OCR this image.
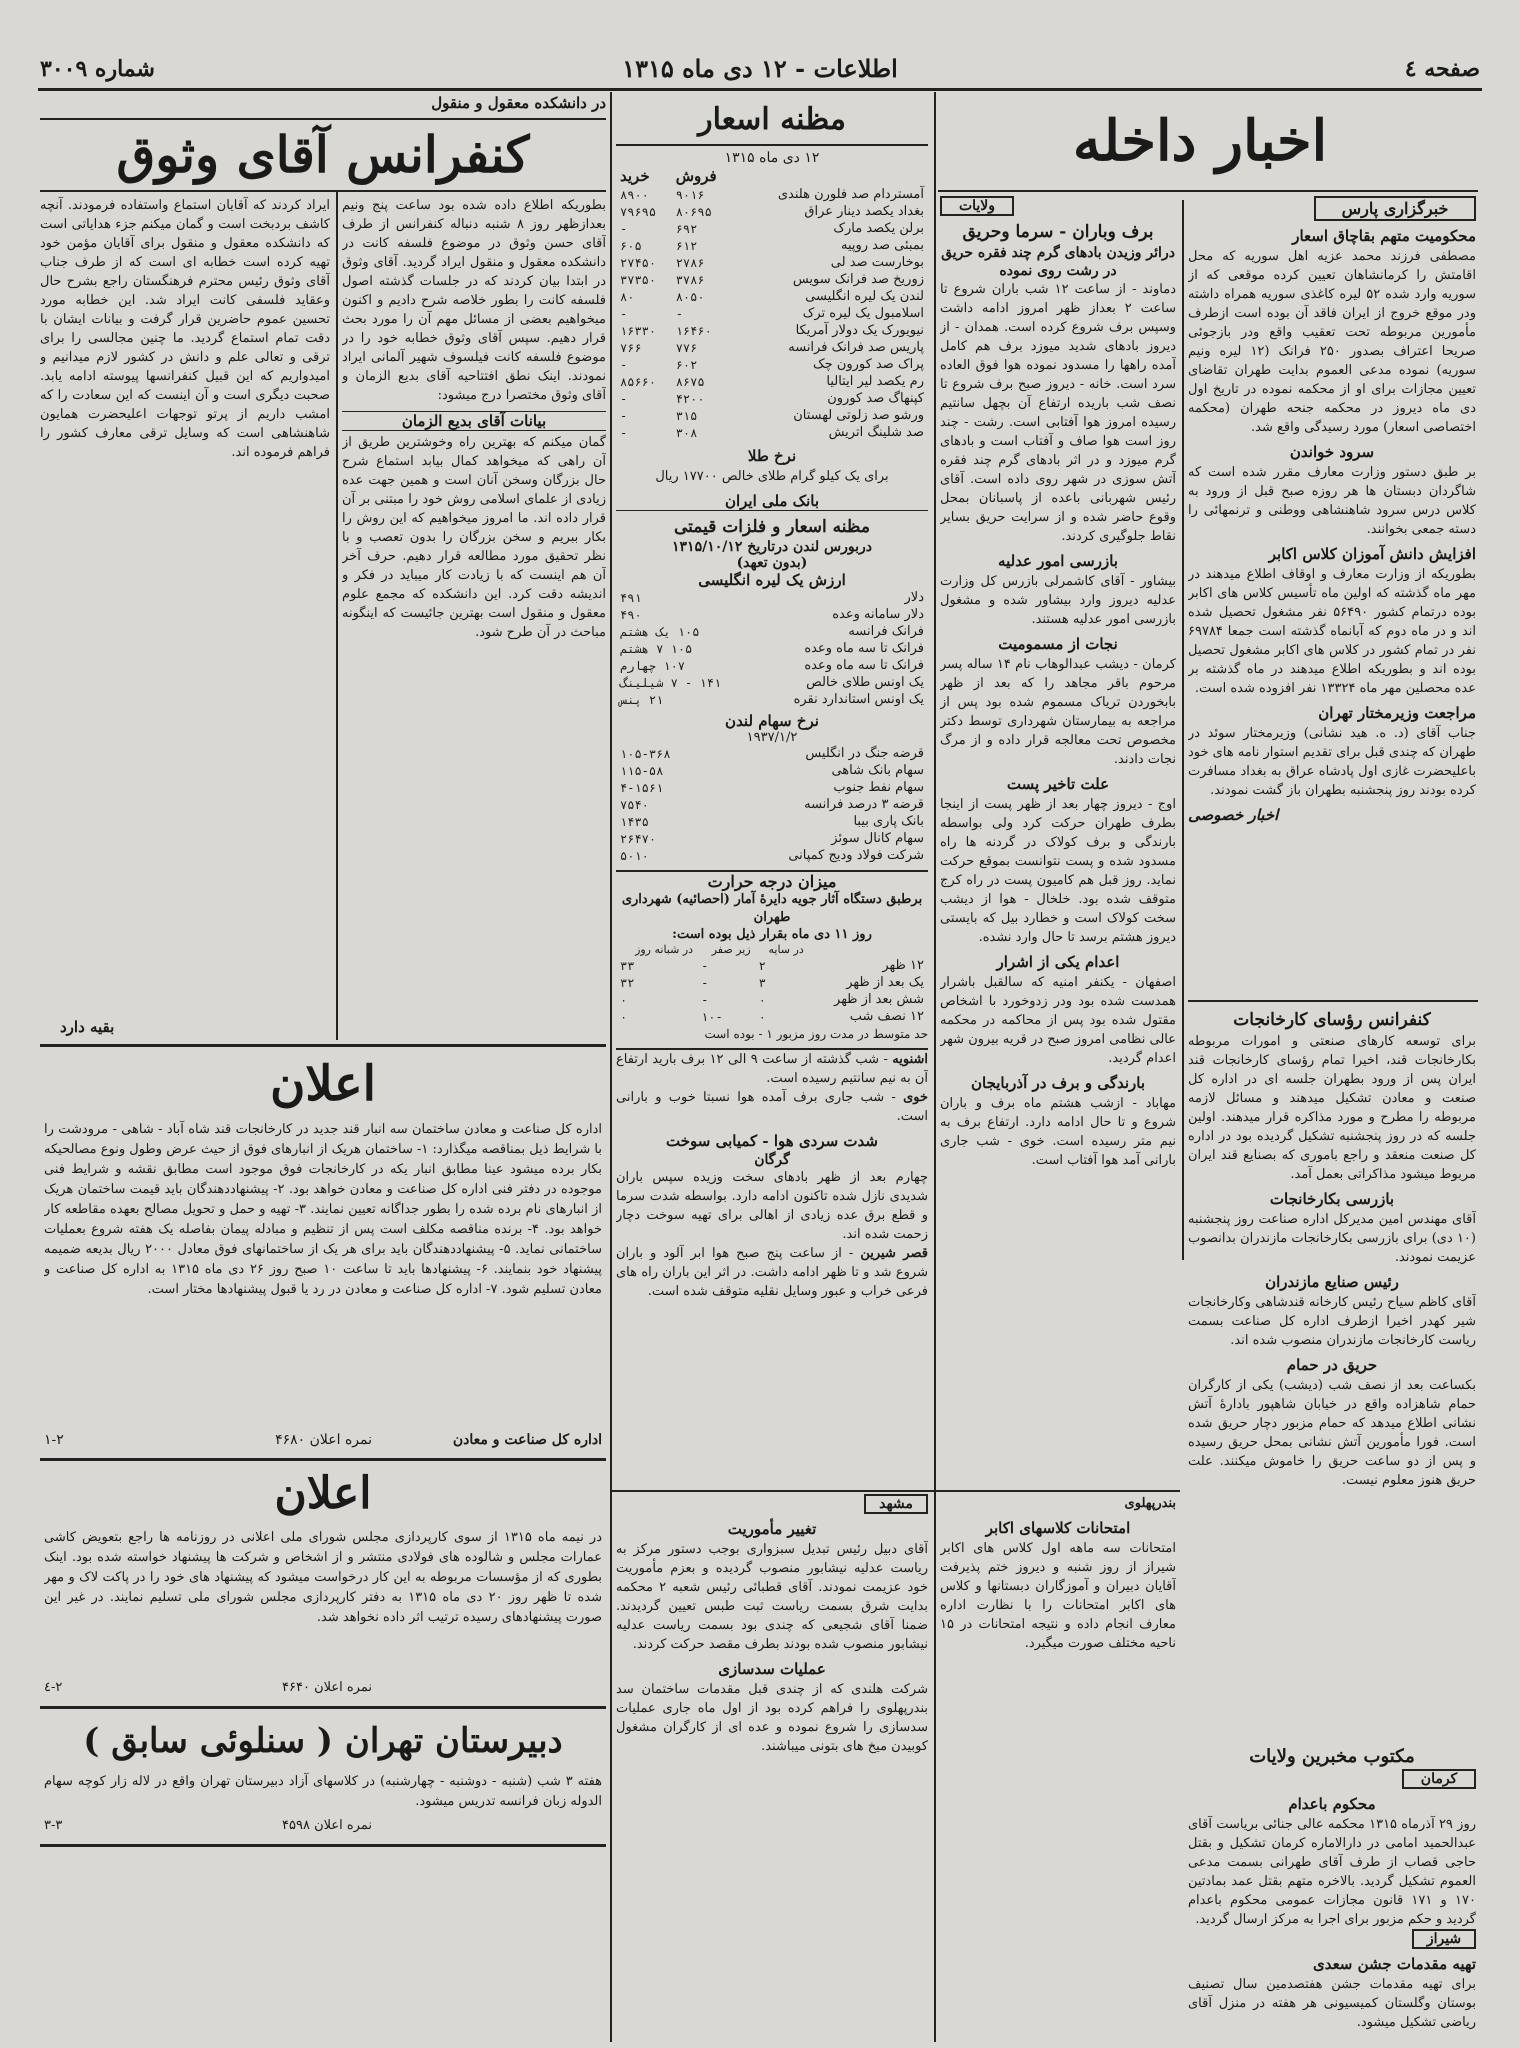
صفحه ٤
اطلاعات - ۱۲ دی ماه ۱۳۱۵
شماره ۳۰۰۹
اخبار داخله
خبرگزاری پارس
محکومیت متهم بقاچاق اسعار
مصطفی فرزند محمد عزیه اهل سوریه که محل اقامتش را کرمانشاهان تعیین کرده موقعی که از سوریه وارد شده ۵۲ لیره کاغذی سوریه همراه داشته ودر موقع خروج از ایران فاقد آن بوده است ازطرف مأمورین مربوطه تحت تعقیب واقع ودر بازجوئی صریحا اعتراف بصدور ۲۵۰ فرانک (۱۲ لیره ونیم سوریه) نموده مدعی العموم بدایت طهران تقاضای تعیین مجازات برای او از محکمه نموده در تاریخ اول دی ماه دیروز در محکمه جنحه طهران (محکمه اختصاصی اسعار) مورد رسیدگی واقع شد.
سرود خواندن
بر طبق دستور وزارت معارف مقرر شده است که شاگردان دبستان ها هر روزه صبح قبل از ورود به کلاس درس سرود شاهنشاهی ووطنی و ترنمهائی را دسته جمعی بخوانند.
افزایش دانش آموزان کلاس اکابر
بطوریکه از وزارت معارف و اوقاف اطلاع میدهند در مهر ماه گذشته که اولین ماه تأسیس کلاس های اکابر بوده درتمام کشور ۵۶۴۹۰ نفر مشغول تحصیل شده اند و در ماه دوم که آبانماه گذشته است جمعا ۶۹۷۸۴ نفر در تمام کشور در کلاس های اکابر مشغول تحصیل بوده اند و بطوریکه اطلاع میدهند در ماه گذشته بر عده محصلین مهر ماه ۱۳۳۲۴ نفر افزوده شده است.
مراجعت وزیرمختار تهران
جناب آقای (د. ه. هید نشانی) وزیرمختار سوئد در طهران که چندی قبل برای تقدیم استوار نامه های خود باعلیحضرت غازی اول پادشاه عراق به بغداد مسافرت کرده بودند روز پنجشنبه بطهران باز گشت نمودند.
اخبار خصوصی
کنفرانس رؤسای کارخانجات
برای توسعه کارهای صنعتی و امورات مربوطه بکارخانجات قند، اخیرا تمام رؤسای کارخانجات قند ایران پس از ورود بطهران جلسه ای در اداره کل صنعت و معادن تشکیل میدهند و مسائل لازمه مربوطه را مطرح و مورد مذاکره قرار میدهند. اولین جلسه که در روز پنجشنبه تشکیل گردیده بود در اداره کل صنعت منعقد و راجع باموری که بصنایع قند ایران مربوط میشود مذاکراتی بعمل آمد.
بازرسی بکارخانجات
آقای مهندس امین مدیرکل اداره صناعت روز پنجشنبه (۱۰ دی) برای بازرسی بکارخانجات مازندران بدانصوب عزیمت نمودند.
رئیس صنایع مازندران
آقای کاظم سیاح رئیس کارخانه قندشاهی وکارخانجات شیر کهدر اخیرا ازطرف اداره کل صناعت بسمت ریاست کارخانجات مازندران منصوب شده اند.
حریق در حمام
بکساعت بعد از نصف شب (دیشب) یکی از کارگران حمام شاهزاده واقع در خیابان شاهپور بادارهٔ آتش نشانی اطلاع میدهد که حمام مزبور دچار حریق شده است. فورا مأمورین آتش نشانی بمحل حریق رسیده و پس از دو ساعت حریق را خاموش میکنند. علت حریق هنوز معلوم نیست.
مکتوب مخبرین ولایات
کرمان
محکوم باعدام
روز ۲۹ آذرماه ۱۳۱۵ محکمه عالی جنائی بریاست آقای عبدالحمید امامی در دارالاماره کرمان تشکیل و بقتل حاجی قصاب از طرف آقای طهرانی بسمت مدعی العموم تشکیل گردید. بالاخره متهم بقتل عمد بمادتین ۱۷۰ و ۱۷۱ قانون مجازات عمومی محکوم باعدام گردید و حکم مزبور برای اجرا به مرکز ارسال گردید.
شیراز
تهیه مقدمات جشن سعدی
برای تهیه مقدمات جشن هفتصدمین سال تصنیف بوستان وگلستان کمیسیونی هر هفته در منزل آقای ریاضی تشکیل میشود.
ولایات
برف وباران - سرما وحریق
درائر وزیدن بادهای گرم چند فقره حریق در رشت روی نموده
دماوند - از ساعت ۱۲ شب باران شروع تا ساعت ۲ بعداز ظهر امروز ادامه داشت وسپس برف شروع کرده است. همدان - از دیروز بادهای شدید میوزد برف هم کامل آمده راهها را مسدود نموده هوا فوق العاده سرد است. خانه - دیروز صبح برف شروع تا نصف شب باریده ارتفاع آن بچهل سانتیم رسیده امروز هوا آفتابی است. رشت - چند روز است هوا صاف و آفتاب است و بادهای گرم میوزد و در اثر بادهای گرم چند فقره آتش سوزی در شهر روی داده است. آقای رئیس شهربانی باعده از پاسبانان بمحل وقوع حاضر شده و از سرایت حریق بسایر نقاط جلوگیری کردند.
بازرسی امور عدلیه
بیشاور - آقای کاشمرلی بازرس کل وزارت عدلیه دیروز وارد بیشاور شده و مشغول بازرسی امور عدلیه هستند.
نجات از مسمومیت
کرمان - دیشب عبدالوهاب نام ۱۴ ساله پسر مرحوم باقر مجاهد را که بعد از ظهر بابخوردن تریاک مسموم شده بود پس از مراجعه به بیمارستان شهرداری توسط دکتر مخصوص تحت معالجه قرار داده و از مرگ نجات دادند.
علت تاخیر پست
اوج - دیروز چهار بعد از ظهر پست از اینجا بطرف طهران حرکت کرد ولی بواسطه بارندگی و برف کولاک در گردنه ها راه مسدود شده و پست نتوانست بموقع حرکت نماید. روز قبل هم کامیون پست در راه کرج متوقف شده بود. خلخال - هوا از دیشب سخت کولاک است و خطارد بیل که بایستی دیروز هشتم برسد تا حال وارد نشده.
اعدام یکی از اشرار
اصفهان - یکنفر امنیه که سالقبل باشرار همدست شده بود ودر زدوخورد با اشخاص مقتول شده بود پس از محاکمه در محکمه عالی نظامی امروز صبح در قریه بیرون شهر اعدام گردید.
بارندگی و برف در آذربایجان
مهاباد - ازشب هشتم ماه برف و باران شروع و تا حال ادامه دارد. ارتفاع برف به نیم متر رسیده است. خوی - شب جاری بارانی آمد هوا آفتاب است.
بندرپهلوی
امتحانات کلاسهای اکابر
امتحانات سه ماهه اول کلاس های اکابر شیراز از روز شنبه و دیروز ختم پذیرفت آقایان دبیران و آموزگاران دبستانها و کلاس های اکابر امتحانات را با نظارت اداره معارف انجام داده و نتیجه امتحانات در ۱۵ ناحیه مختلف صورت میگیرد.
مشهد
تغییر مأموریت
آقای دبیل رئیس تبدیل سبزواری بوجب دستور مرکز به ریاست عدلیه نیشابور منصوب گردیده و بعزم مأموریت خود عزیمت نمودند. آقای قطبائی رئیس شعبه ۲ محکمه بدایت شرق بسمت ریاست ثبت طبس تعیین گردیدند. ضمنا آقای شجیعی که چندی بود بسمت ریاست عدلیه نیشابور منصوب شده بودند بطرف مقصد حرکت کردند.
عملیات سدسازی
شرکت هلندی که از چندی قبل مقدمات ساختمان سد بندرپهلوی را فراهم کرده بود از اول ماه جاری عملیات سدسازی را شروع نموده و عده ای از کارگران مشغول کوبیدن میخ های بتونی میباشند.
مظنه اسعار
۱۲ دی ماه ۱۳۱۵
	فروش	خرید
آمستردام صد فلورن هلندی	۹۰۱۶	۸۹۰۰
بغداد یکصد دینار عراق	۸۰۶۹۵	۷۹۶۹۵
برلن یکصد مارک	۶۹۲	-
بمبئی صد روپیه	۶۱۲	۶۰۵
بوخارست صد لی	۲۷۸۶	۲۷۴۵۰
زوریخ صد فرانک سویس	۳۷۸۶	۳۷۳۵۰
لندن یک لیره انگلیسی	۸۰۵۰	۸۰
اسلامبول یک لیره ترک	-	-
نیویورک یک دولار آمریکا	۱۶۴۶۰	۱۶۳۳۰
پاریس صد فرانک فرانسه	۷۷۶	۷۶۶
پراک صد کورون چک	۶۰۲	-
رم یکصد لیر ایتالیا	۸۶۷۵	۸۵۶۶۰
کپنهاگ صد کورون	۴۲۰۰	-
ورشو صد زلوتی لهستان	۳۱۵	-
صد شلینگ اتریش	۳۰۸	-
نرخ طلا
برای یک کیلو گرام طلای خالص ۱۷۷۰۰ ریال
بانک ملی ایران
مظنه اسعار و فلزات قیمتی
دربورس لندن درتاریخ ۱۳۱۵/۱۰/۱۲
(بدون تعهد)
ارزش یک لیره انگلیسی
دلار	۴۹۱
دلار سامانه وعده	۴۹۰
فرانک فرانسه	۱۰۵ یک هشتم
فرانک تا سه ماه وعده	۱۰۵ ۷ هشتم
فرانک تا سه ماه وعده	۱۰۷ چهارم
یک اونس طلای خالص	۱۴۱ - ۷ شیلینگ
یک اونس استاندارد نقره	۲۱ پنس
نرخ سهام لندن
۱۹۳۷/۱/۲
قرضه جنگ در انگلیس	۱۰۵-۳۶۸
سهام بانک شاهی	۱۱۵-۵۸
سهام نفط جنوب	۴-۱۵۶۱
قرضه ۳ درصد فرانسه	۷۵۴۰
بانک پاری بیبا	۱۴۳۵
سهام کانال سوئز	۲۶۴۷۰
شرکت فولاد ودیج کمپانی	۵۰۱۰
میزان درجه حرارت
برطبق دستگاه آثار جویه دایرهٔ آمار (احصائیه) شهرداری طهران
روز ۱۱ دی ماه بقرار ذیل بوده است:
	در سایه	زیر صفر	در شبانه روز
۱۲ ظهر	۲	-	۳۳
یک بعد از ظهر	۳	-	۳۲
شش بعد از ظهر	۰	-	۰
۱۲ نصف شب	۰	-۱۰	۰
حد متوسط در مدت روز مزبور ۱ - بوده است
اشنویه - شب گذشته از ساعت ۹ الی ۱۲ برف بارید ارتفاع آن به نیم سانتیم رسیده است.
خوی - شب جاری برف آمده هوا نسبتا خوب و بارانی است.
شدت سردی هوا - کمیابی سوخت
گرگان
چهارم بعد از ظهر بادهای سخت وزیده سپس باران شدیدی نازل شده تاکنون ادامه دارد. بواسطه شدت سرما و قطع برق عده زیادی از اهالی برای تهیه سوخت دچار زحمت شده اند.
قصر شیرین - از ساعت پنج صبح هوا ابر آلود و باران شروع شد و تا ظهر ادامه داشت. در اثر این باران راه های فرعی خراب و عبور وسایل نقلیه متوقف شده است.
در دانشکده معقول و منقول
کنفرانس آقای وثوق
بطوریکه اطلاع داده شده بود ساعت پنج ونیم بعدازظهر روز ۸ شنبه دنباله کنفرانس از طرف آقای حسن وثوق در موضوع فلسفه کانت در دانشکده معقول و منقول ایراد گردید. آقای وثوق در ابتدا بیان کردند که در جلسات گذشته اصول فلسفه کانت را بطور خلاصه شرح دادیم و اکنون میخواهیم بعضی از مسائل مهم آن را مورد بحث قرار دهیم. سپس آقای وثوق خطابه خود را در موضوع فلسفه کانت فیلسوف شهیر آلمانی ایراد نمودند. اینک نطق افتتاحیه آقای بدیع الزمان و آقای وثوق مختصرا درج میشود:
بیانات آقای بدیع الزمان
گمان میکنم که بهترین راه وخوشترین طریق از آن راهی که میخواهد کمال بیابد استماع شرح حال بزرگان وسخن آنان است و همین جهت عده زیادی از علمای اسلامی روش خود را مبتنی بر آن قرار داده اند. ما امروز میخواهیم که این روش را بکار ببریم و سخن بزرگان را بدون تعصب و با نظر تحقیق مورد مطالعه قرار دهیم. حرف آخر آن هم اینست که با زیادت کار میباید در فکر و اندیشه دقت کرد. این دانشکده که مجمع علوم معقول و منقول است بهترین جائیست که اینگونه مباحث در آن طرح شود.
ایراد کردند که آقایان استماع واستفاده فرمودند. آنچه کاشف بردبخت است و گمان میکنم جزء هدایاتی است که دانشکده معقول و منقول برای آقایان مؤمن خود تهیه کرده است خطابه ای است که از طرف جناب آقای وثوق رئیس محترم فرهنگستان راجع بشرح حال وعقاید فلسفی کانت ایراد شد. این خطابه مورد تحسین عموم حاضرین قرار گرفت و بیانات ایشان با دقت تمام استماع گردید. ما چنین مجالسی را برای ترقی و تعالی علم و دانش در کشور لازم میدانیم و امیدواریم که این قبیل کنفرانسها پیوسته ادامه یابد. صحبت دیگری است و آن اینست که این سعادت را که امشب داریم از پرتو توجهات اعلیحضرت همایون شاهنشاهی است که وسایل ترقی معارف کشور را فراهم فرموده اند.
بقیه دارد
اعلان
اداره کل صناعت و معادن ساختمان سه انبار قند جدید در کارخانجات قند شاه آباد - شاهی - مرودشت را با شرایط ذیل بمناقصه میگذارد: ۱- ساختمان هریک از انبارهای فوق از حیث عرض وطول ونوع مصالحیکه بکار برده میشود عینا مطابق انبار یکه در کارخانجات فوق موجود است مطابق نقشه و شرایط فنی موجوده در دفتر فنی اداره کل صناعت و معادن خواهد بود. ۲- پیشنهاددهندگان باید قیمت ساختمان هریک از انبارهای نام برده شده را بطور جداگانه تعیین نمایند. ۳- تهیه و حمل و تحویل مصالح بعهده مقاطعه کار خواهد بود. ۴- برنده مناقصه مکلف است پس از تنظیم و مبادله پیمان بفاصله یک هفته شروع بعملیات ساختمانی نماید. ۵- پیشنهاددهندگان باید برای هر یک از ساختمانهای فوق معادل ۲۰۰۰ ریال بدیعه ضمیمه پیشنهاد خود بنمایند. ۶- پیشنهادها باید تا ساعت ۱۰ صبح روز ۲۶ دی ماه ۱۳۱۵ به اداره کل صناعت و معادن تسلیم شود. ۷- اداره کل صناعت و معادن در رد یا قبول پیشنهادها مختار است.
اداره کل صناعت و معادن
نمره اعلان ۴۶۸۰
۱-۲
اعلان
در نیمه ماه ۱۳۱۵ از سوی کارپردازی مجلس شورای ملی اعلانی در روزنامه ها راجع بتعویض کاشی عمارات مجلس و شالوده های فولادی منتشر و از اشخاص و شرکت ها پیشنهاد خواسته شده بود. اینک بطوری که از مؤسسات مربوطه به این کار درخواست میشود که پیشنهاد های خود را در پاکت لاک و مهر شده تا ظهر روز ۲۰ دی ماه ۱۳۱۵ به دفتر کارپردازی مجلس شورای ملی تسلیم نمایند. در غیر این صورت پیشنهادهای رسیده ترتیب اثر داده نخواهد شد.
نمره اعلان ۴۶۴۰
۲-٤
دبیرستان تهران ( سنلوئی سابق )
هفته ۳ شب (شنبه - دوشنبه - چهارشنبه) در کلاسهای آزاد دبیرستان تهران واقع در لاله زار کوچه سهام الدوله زبان فرانسه تدریس میشود.
نمره اعلان ۴۵۹۸
۳-۳
